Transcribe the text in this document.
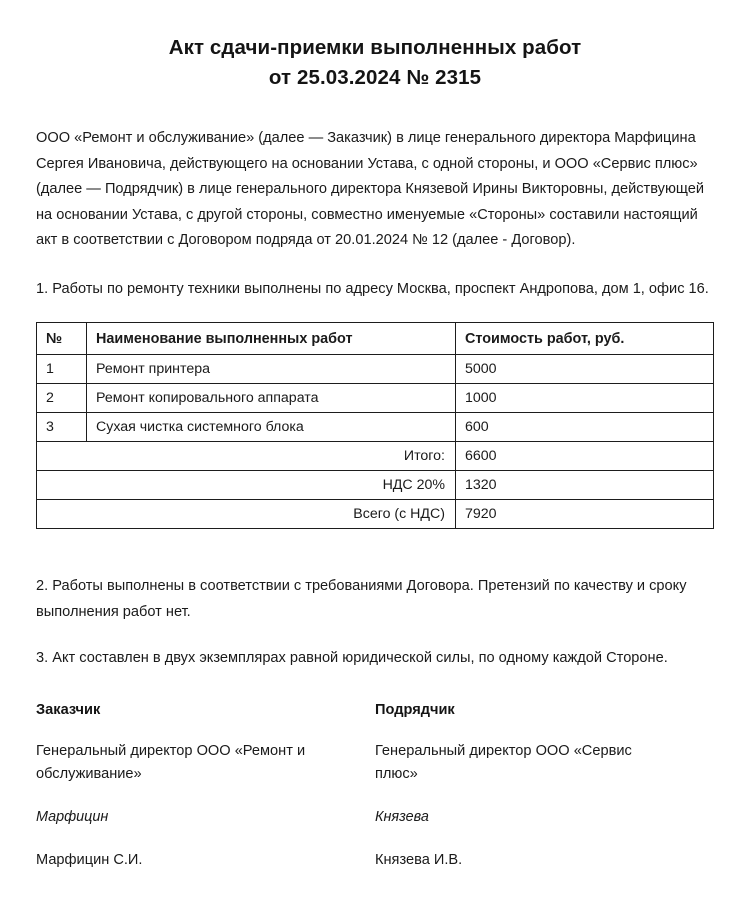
Акт сдачи-приемки выполненных работ
от 25.03.2024 № 2315

ООО «Ремонт и обслуживание» (далее — Заказчик) в лице генерального директора Марфицина Сергея Ивановича, действующего на основании Устава, с одной стороны, и ООО «Сервис плюс» (далее — Подрядчик) в лице генерального директора Князевой Ирины Викторовны, действующей на основании Устава, с другой стороны, совместно именуемые «Стороны» составили настоящий акт в соответствии с Договором подряда от 20.01.2024 № 12 (далее - Договор).

1. Работы по ремонту техники выполнены по адресу Москва, проспект Андропова, дом 1, офис 16.

№	Наименование выполненных работ	Стоимость работ, руб.
1	Ремонт принтера	5000
2	Ремонт копировального аппарата	1000
3	Сухая чистка системного блока	600
Итого:		6600
НДС 20%		1320
Всего (с НДС)		7920

2. Работы выполнены в соответствии с требованиями Договора. Претензий по качеству и сроку выполнения работ нет.

3. Акт составлен в двух экземплярах равной юридической силы, по одному каждой Стороне.

Заказчик

Генеральный директор ООО «Ремонт и обслуживание»

Марфицин

Марфицин С.И.

Подрядчик

Генеральный директор ООО «Сервис плюс»

Князева

Князева И.В.
